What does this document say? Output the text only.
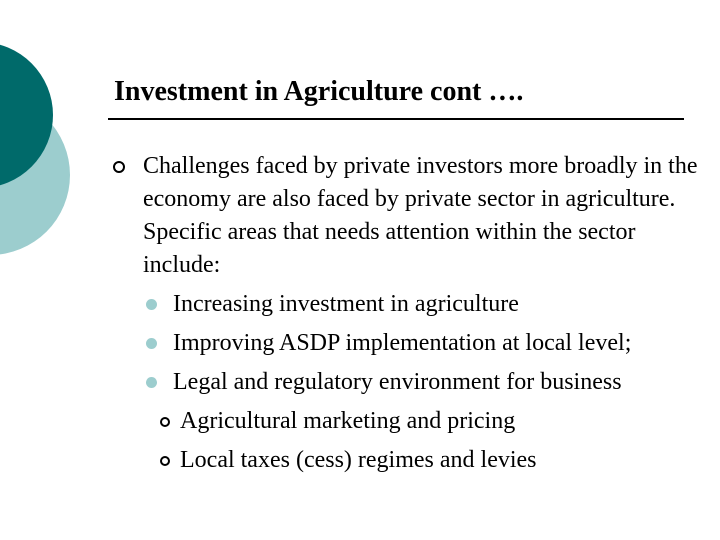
Investment in Agriculture cont ….

Challenges faced by private investors more broadly in the economy are also faced by private sector in agriculture. Specific areas that needs attention within the sector include:

Increasing investment in agriculture

Improving ASDP implementation at local level;

Legal and regulatory environment for business

Agricultural marketing and pricing

Local taxes (cess) regimes and levies
